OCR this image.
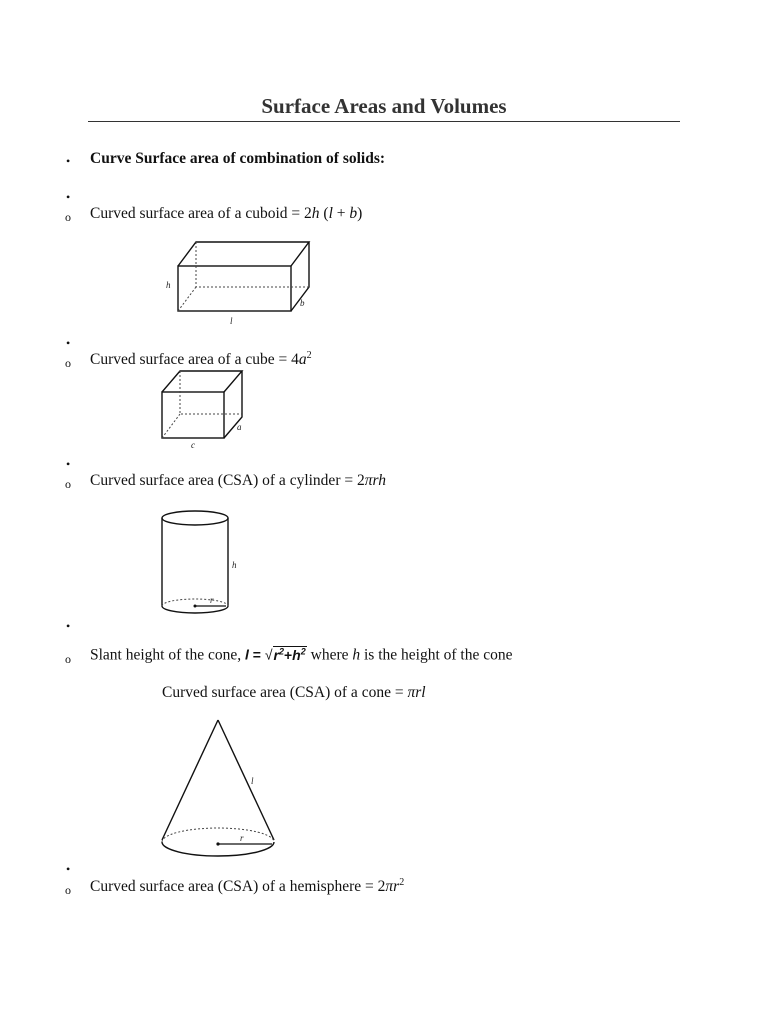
Surface Areas and Volumes
• Curve Surface area of combination of solids:
•
o Curved surface area of a cuboid = 2h (l + b)
h
b
l
•
o Curved surface area of a cube = $4a^2$
a
c
•
o Curved surface area (CSA) of a cylinder = 2πrh
h
r
•
o Slant height of the cone, $l = √r^2+h^2$ where h is the height of the cone
Curved surface area (CSA) of a cone = πrl
l
r
•
o Curved surface area (CSA) of a hemisphere = $2\pi r^2$
